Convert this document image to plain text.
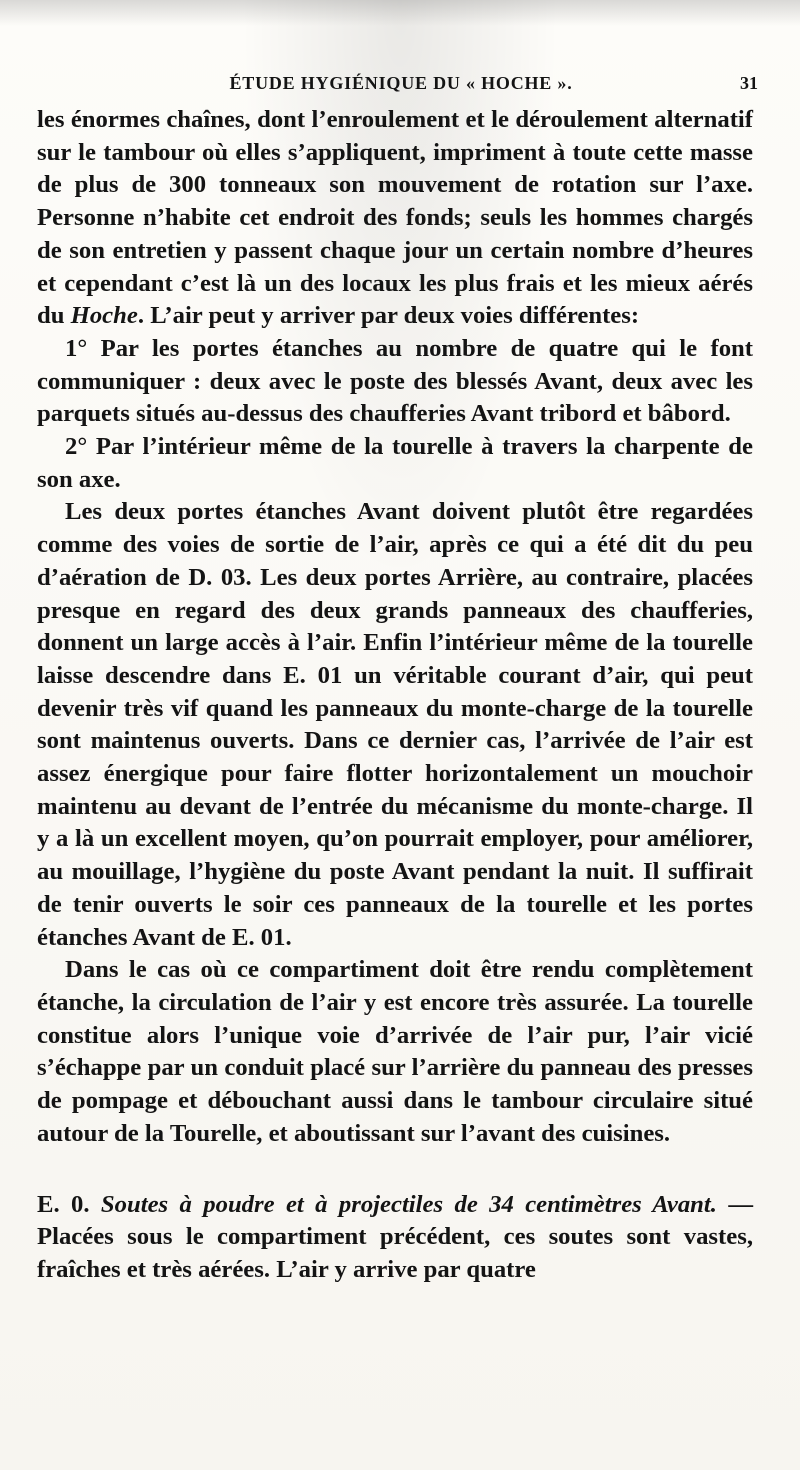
ÉTUDE HYGIÉNIQUE DU « HOCHE ».	31

les énormes chaînes, dont l’enroulement et le déroulement alternatif sur le tambour où elles s’appliquent, impriment à toute cette masse de plus de 300 tonneaux son mouvement de rotation sur l’axe. Personne n’habite cet endroit des fonds; seuls les hommes chargés de son entretien y passent chaque jour un certain nombre d’heures et cependant c’est là un des locaux les plus frais et les mieux aérés du Hoche. L’air peut y arriver par deux voies différentes:

1° Par les portes étanches au nombre de quatre qui le font communiquer : deux avec le poste des blessés Avant, deux avec les parquets situés au-dessus des chaufferies Avant tribord et bâbord.

2° Par l’intérieur même de la tourelle à travers la charpente de son axe.

Les deux portes étanches Avant doivent plutôt être regardées comme des voies de sortie de l’air, après ce qui a été dit du peu d’aération de D. 03. Les deux portes Arrière, au contraire, placées presque en regard des deux grands panneaux des chaufferies, donnent un large accès à l’air. Enfin l’intérieur même de la tourelle laisse descendre dans E. 01 un véritable courant d’air, qui peut devenir très vif quand les panneaux du monte-charge de la tourelle sont maintenus ouverts. Dans ce dernier cas, l’arrivée de l’air est assez énergique pour faire flotter horizontalement un mouchoir maintenu au devant de l’entrée du mécanisme du monte-charge. Il y a là un excellent moyen, qu’on pourrait employer, pour améliorer, au mouillage, l’hygiène du poste Avant pendant la nuit. Il suffirait de tenir ouverts le soir ces panneaux de la tourelle et les portes étanches Avant de E. 01.

Dans le cas où ce compartiment doit être rendu complètement étanche, la circulation de l’air y est encore très assurée. La tourelle constitue alors l’unique voie d’arrivée de l’air pur, l’air vicié s’échappe par un conduit placé sur l’arrière du panneau des presses de pompage et débouchant aussi dans le tambour circulaire situé autour de la Tourelle, et aboutissant sur l’avant des cuisines.

E. 0. Soutes à poudre et à projectiles de 34 centimètres Avant. — Placées sous le compartiment précédent, ces soutes sont vastes, fraîches et très aérées. L’air y arrive par quatre
